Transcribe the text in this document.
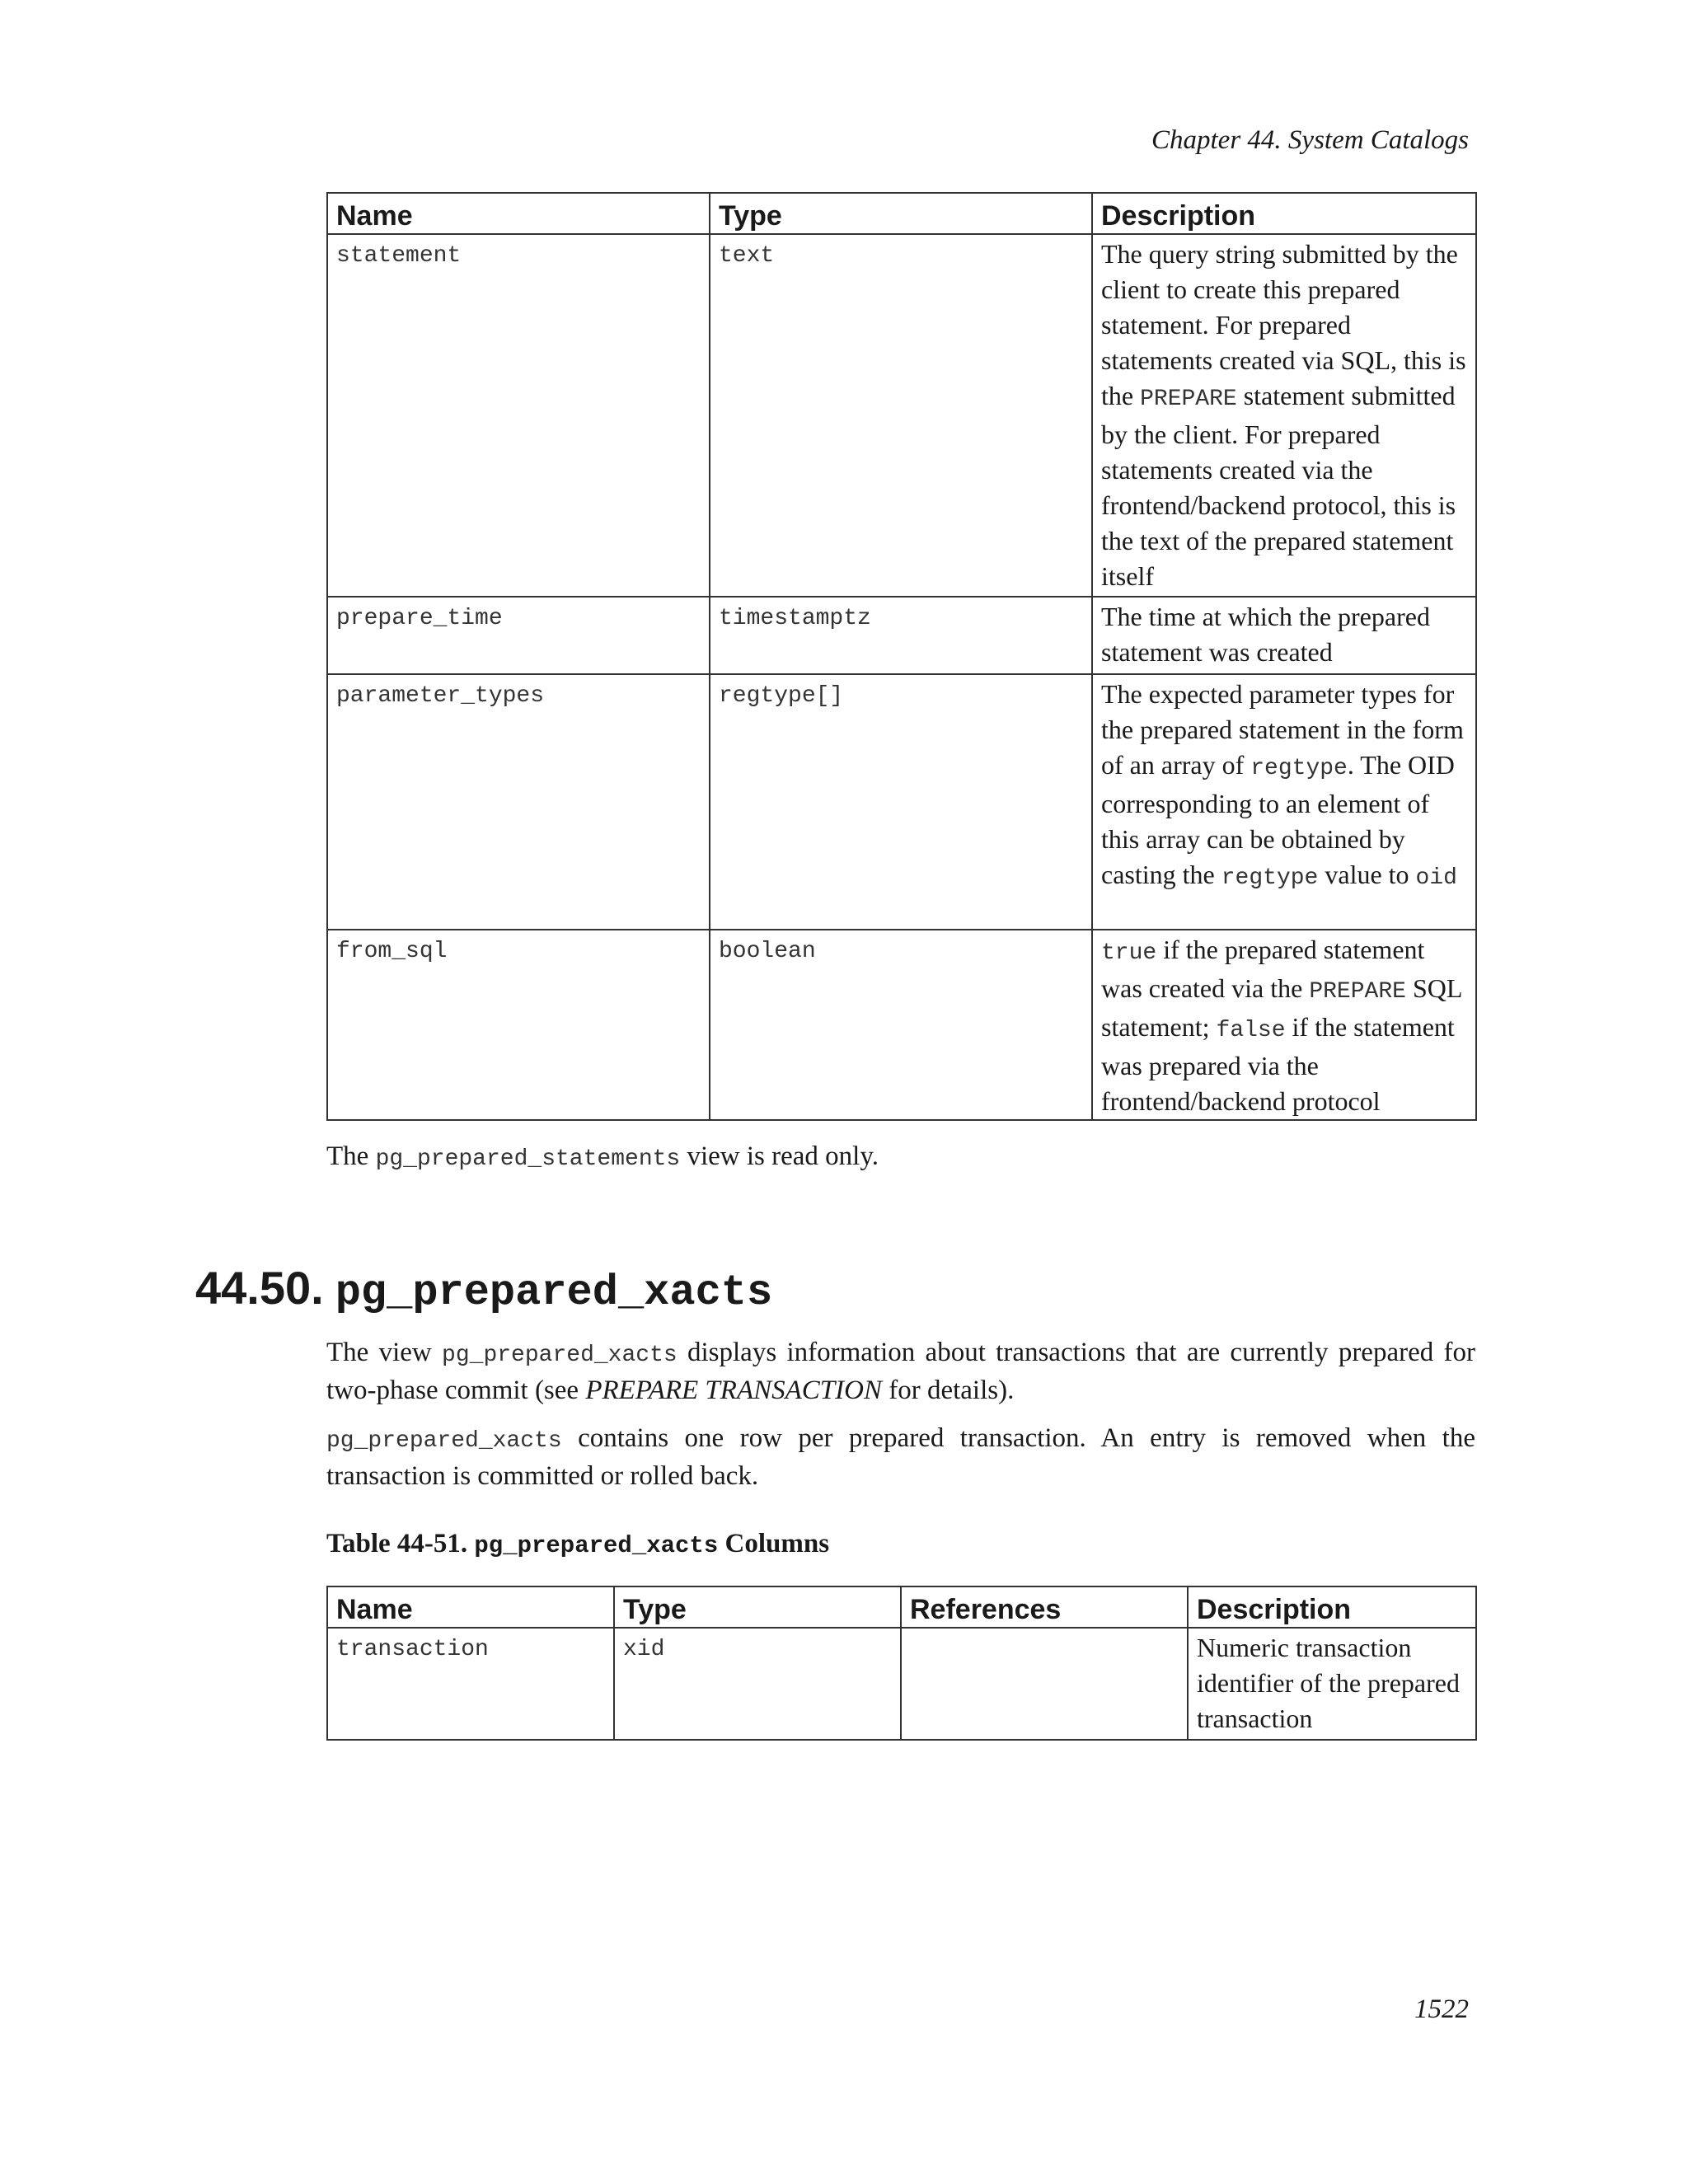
Chapter 44. System Catalogs
Name	Type	Description
statement	text	The query string submitted by the client to create this prepared statement. For prepared statements created via SQL, this is the PREPARE statement submitted by the client. For prepared statements created via the frontend/backend protocol, this is the text of the prepared statement itself
prepare_time	timestamptz	The time at which the prepared statement was created
parameter_types	regtype[]	The expected parameter types for the prepared statement in the form of an array of regtype. The OID corresponding to an element of this array can be obtained by casting the regtype value to oid
from_sql	boolean	true if the prepared statement was created via the PREPARE SQL statement; false if the statement was prepared via the frontend/backend protocol
The pg_prepared_statements view is read only.
44.50. pg_prepared_xacts
The view pg_prepared_xacts displays information about transactions that are currently prepared for two-phase commit (see PREPARE TRANSACTION for details).
pg_prepared_xacts contains one row per prepared transaction. An entry is removed when the transaction is committed or rolled back.
Table 44-51. pg_prepared_xacts Columns
Name	Type	References	Description
transaction	xid		Numeric transaction identifier of the prepared transaction
1522
